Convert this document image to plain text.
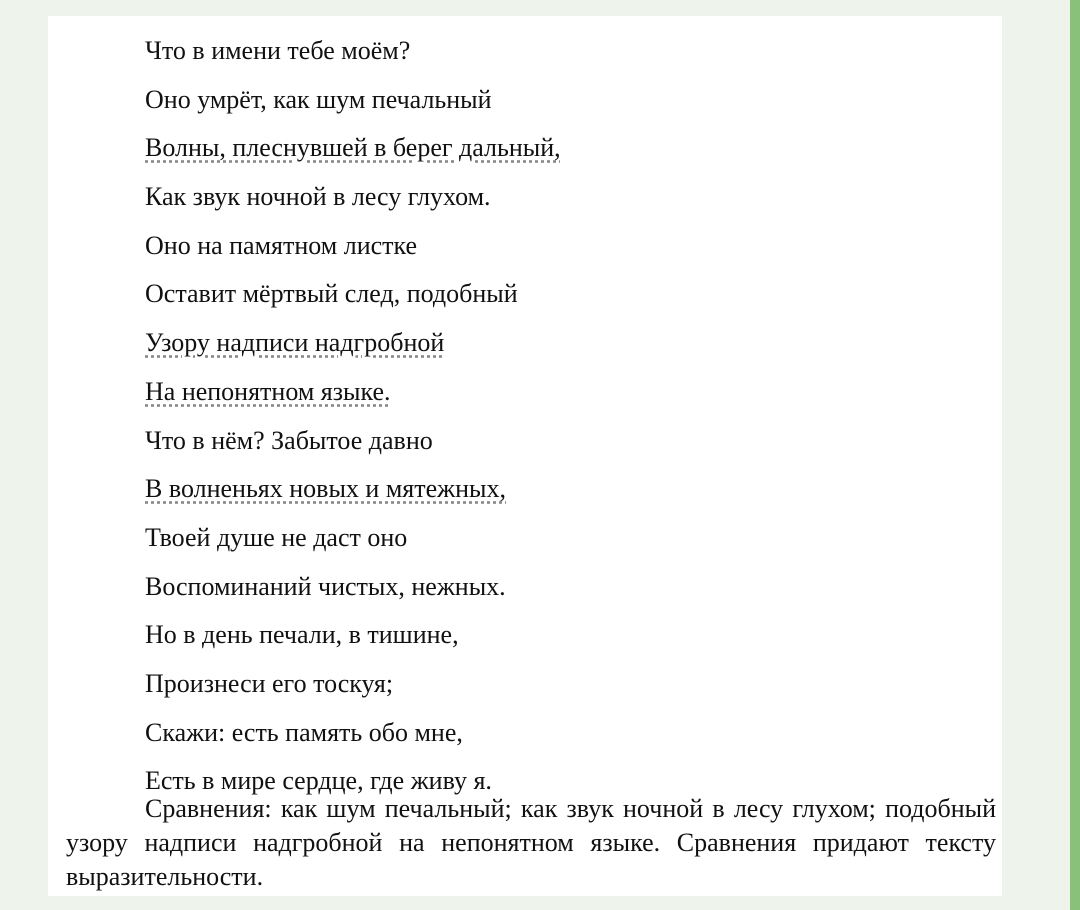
Что в имени тебе моём?
Оно умрёт, как шум печальный
Волны, плеснувшей в берег дальный,
Как звук ночной в лесу глухом.
Оно на памятном листке
Оставит мёртвый след, подобный
Узору надписи надгробной
На непонятном языке.
Что в нём? Забытое давно
В волненьях новых и мятежных,
Твоей душе не даст оно
Воспоминаний чистых, нежных.
Но в день печали, в тишине,
Произнеси его тоскуя;
Скажи: есть память обо мне,
Есть в мире сердце, где живу я.

Сравнения: как шум печальный; как звук ночной в лесу глухом; подобный узору надписи надгробной на непонятном языке. Сравнения придают тексту выразительности.
